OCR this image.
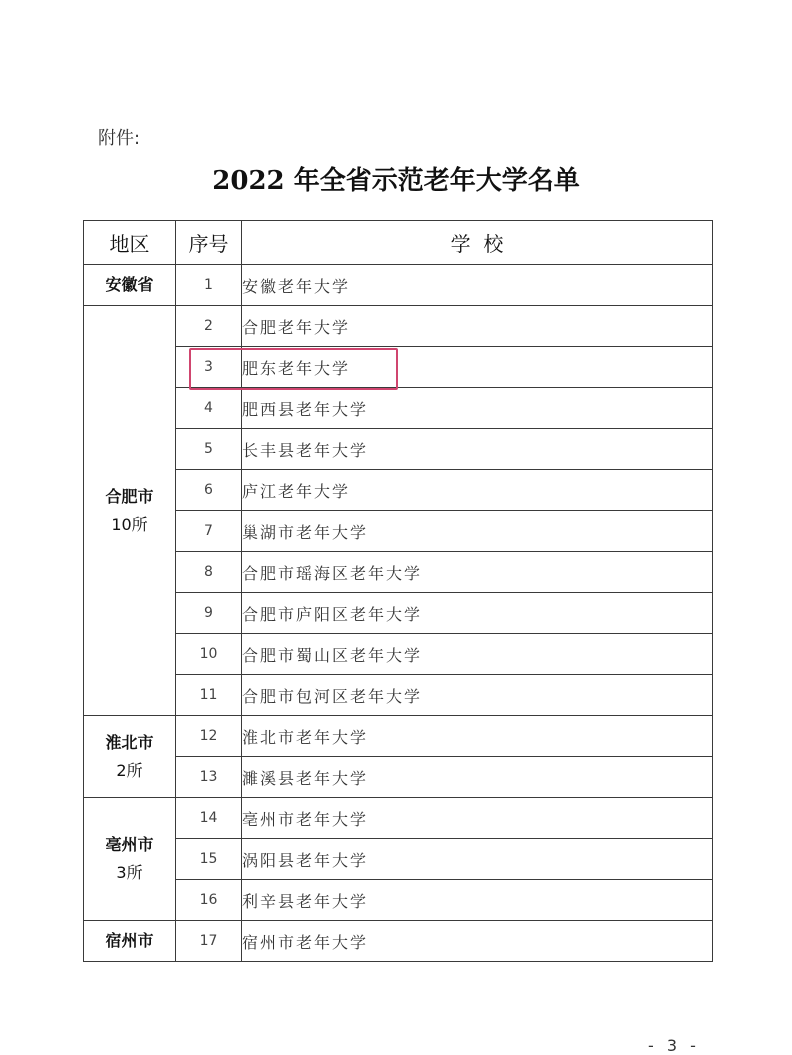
附件:
2022 年全省示范老年大学名单
地区	序号	学  校
安徽省	1	安徽老年大学
合肥市
10所	2	合肥老年大学
	3	肥东老年大学
	4	肥西县老年大学
	5	长丰县老年大学
	6	庐江老年大学
	7	巢湖市老年大学
	8	合肥市瑶海区老年大学
	9	合肥市庐阳区老年大学
	10	合肥市蜀山区老年大学
	11	合肥市包河区老年大学
淮北市
2所	12	淮北市老年大学
	13	濉溪县老年大学
亳州市
3所	14	亳州市老年大学
	15	涡阳县老年大学
	16	利辛县老年大学
宿州市	17	宿州市老年大学
- 3 -
